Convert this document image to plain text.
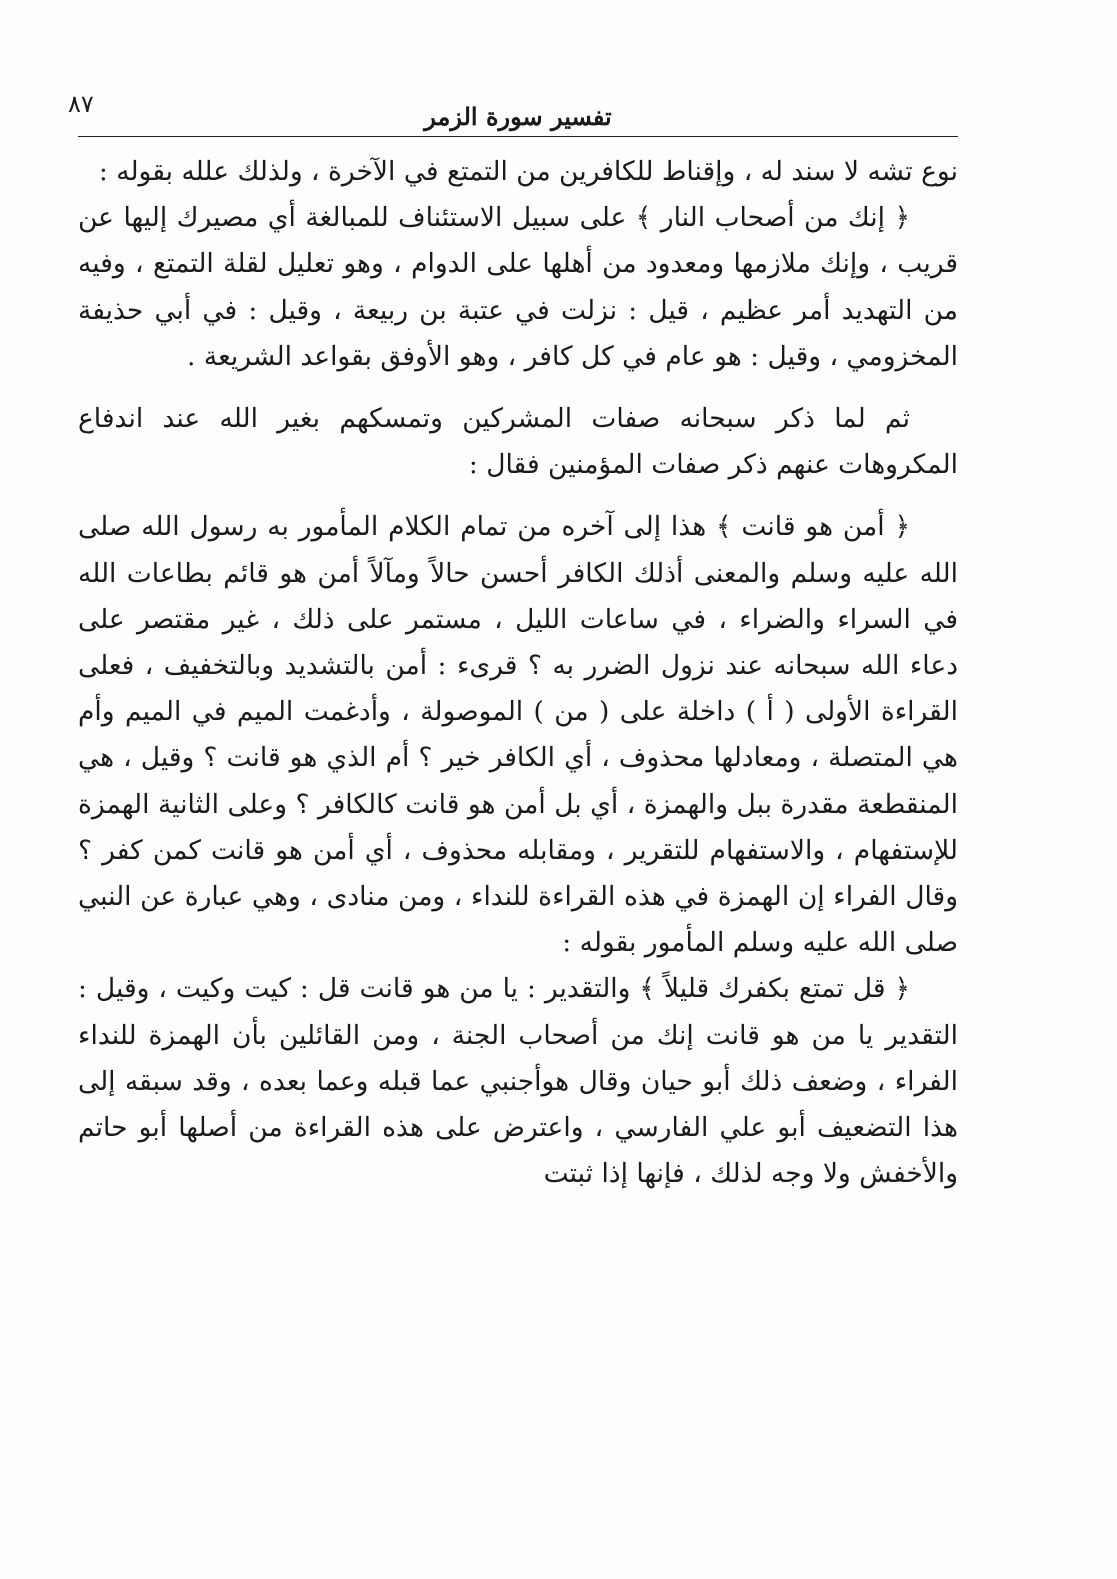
تفسير سورة الزمر
٨٧

نوع تشه لا سند له ، وإقناط للكافرين من التمتع في الآخرة ، ولذلك علله بقوله :

﴿ إنك من أصحاب النار ﴾ على سبيل الاستئناف للمبالغة أي مصيرك إليها عن قريب ، وإنك ملازمها ومعدود من أهلها على الدوام ، وهو تعليل لقلة التمتع ، وفيه من التهديد أمر عظيم ، قيل : نزلت في عتبة بن ربيعة ، وقيل : في أبي حذيفة المخزومي ، وقيل : هو عام في كل كافر ، وهو الأوفق بقواعد الشريعة .

ثم لما ذكر سبحانه صفات المشركين وتمسكهم بغير الله عند اندفاع المكروهات عنهم ذكر صفات المؤمنين فقال :

﴿ أمن هو قانت ﴾ هذا إلى آخره من تمام الكلام المأمور به رسول الله صلى الله عليه وسلم والمعنى أذلك الكافر أحسن حالاً ومآلاً أمن هو قائم بطاعات الله في السراء والضراء ، في ساعات الليل ، مستمر على ذلك ، غير مقتصر على دعاء الله سبحانه عند نزول الضرر به ؟ قرىء : أمن بالتشديد وبالتخفيف ، فعلى القراءة الأولى ( أ ) داخلة على ( من ) الموصولة ، وأدغمت الميم في الميم وأم هي المتصلة ، ومعادلها محذوف ، أي الكافر خير ؟ أم الذي هو قانت ؟ وقيل ، هي المنقطعة مقدرة ببل والهمزة ، أي بل أمن هو قانت كالكافر ؟ وعلى الثانية الهمزة للإستفهام ، والاستفهام للتقرير ، ومقابله محذوف ، أي أمن هو قانت كمن كفر ؟ وقال الفراء إن الهمزة في هذه القراءة للنداء ، ومن منادى ، وهي عبارة عن النبي صلى الله عليه وسلم المأمور بقوله :

﴿ قل تمتع بكفرك قليلاً ﴾ والتقدير : يا من هو قانت قل : كيت وكيت ، وقيل : التقدير يا من هو قانت إنك من أصحاب الجنة ، ومن القائلين بأن الهمزة للنداء الفراء ، وضعف ذلك أبو حيان وقال هوأجنبي عما قبله وعما بعده ، وقد سبقه إلى هذا التضعيف أبو علي الفارسي ، واعترض على هذه القراءة من أصلها أبو حاتم والأخفش ولا وجه لذلك ، فإنها إذا ثبتت
